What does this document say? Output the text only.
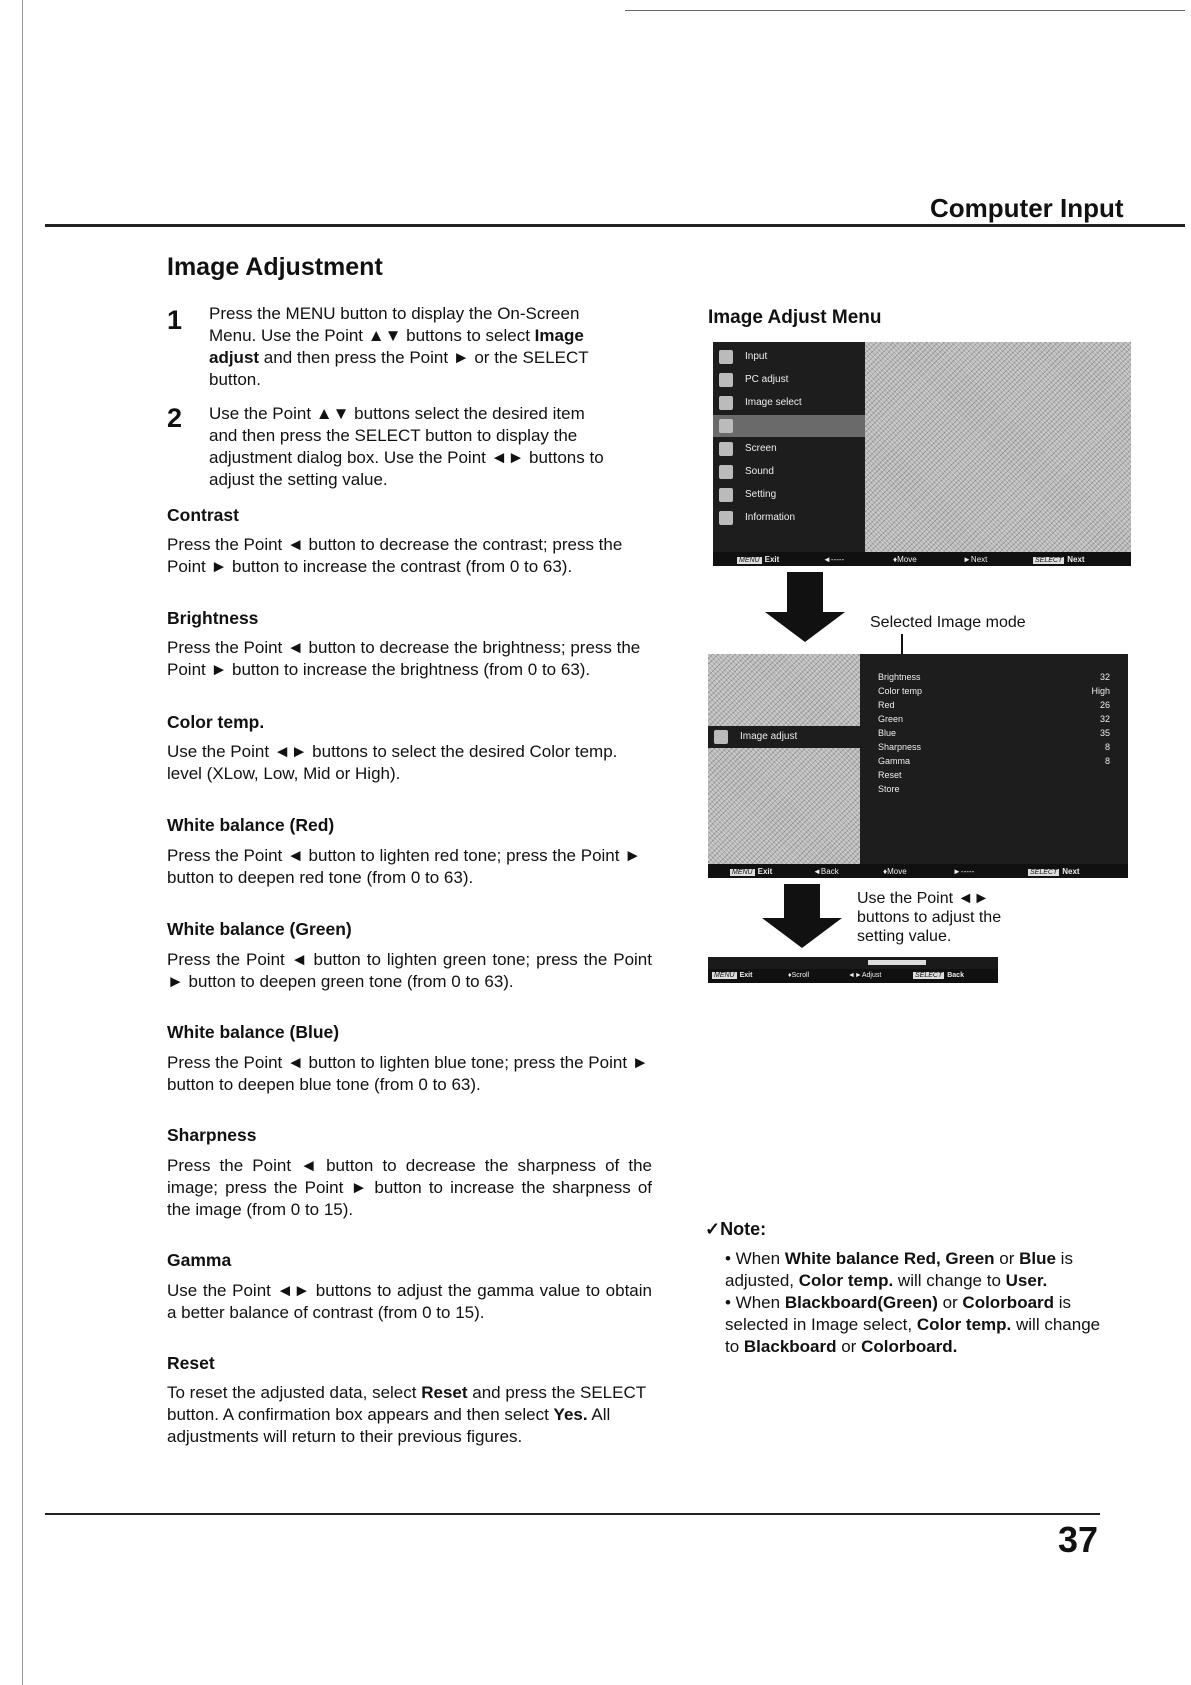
Computer Input
Image Adjustment
1 Press the MENU button to display the On-Screen
Menu. Use the Point ▲▼ buttons to select Image
adjust and then press the Point ► or the SELECT
button.
2 Use the Point ▲▼ buttons select the desired item
and then press the SELECT button to display the
adjustment dialog box. Use the Point ◄► buttons to
adjust the setting value.
Contrast
Press the Point ◄ button to decrease the contrast; press the Point ► button to increase the contrast (from 0 to 63).
Brightness
Press the Point ◄ button to decrease the brightness; press the Point ► button to increase the brightness (from 0 to 63).
Color temp.
Use the Point ◄► buttons to select the desired Color temp. level (XLow, Low, Mid or High).
White balance (Red)
Press the Point ◄ button to lighten red tone; press the Point ► button to deepen red tone (from 0 to 63).
White balance (Green)
Press the Point ◄ button to lighten green tone; press the Point ► button to deepen green tone (from 0 to 63).
White balance (Blue)
Press the Point ◄ button to lighten blue tone; press the Point ► button to deepen blue tone (from 0 to 63).
Sharpness
Press the Point ◄ button to decrease the sharpness of the image; press the Point ► button to increase the sharpness of the image (from 0 to 15).
Gamma
Use the Point ◄► buttons to adjust the gamma value to obtain a better balance of contrast (from 0 to 15).
Reset
To reset the adjusted data, select Reset and press the SELECT button. A confirmation box appears and then select Yes. All adjustments will return to their previous figures.
Image Adjust Menu
Input
PC adjust
Image select
Screen
Sound
Setting
Information
MENU Exit	◄-----	♦Move	►Next	SELECT Next
Selected Image mode
Image adjust
Brightness	32
Color temp	High
Red	26
Green	32
Blue	35
Sharpness	8
Gamma	8
Reset
Store
MENU Exit	◄Back	♦Move	►-----	SELECT Next
Use the Point ◄►
buttons to adjust the
setting value.
MENU Exit	♦Scroll	◄►Adjust	SELECT Back
✓Note:
• When White balance Red, Green or Blue is adjusted, Color temp. will change to User.
• When Blackboard(Green) or Colorboard is selected in Image select, Color temp. will change to Blackboard or Colorboard.
37
